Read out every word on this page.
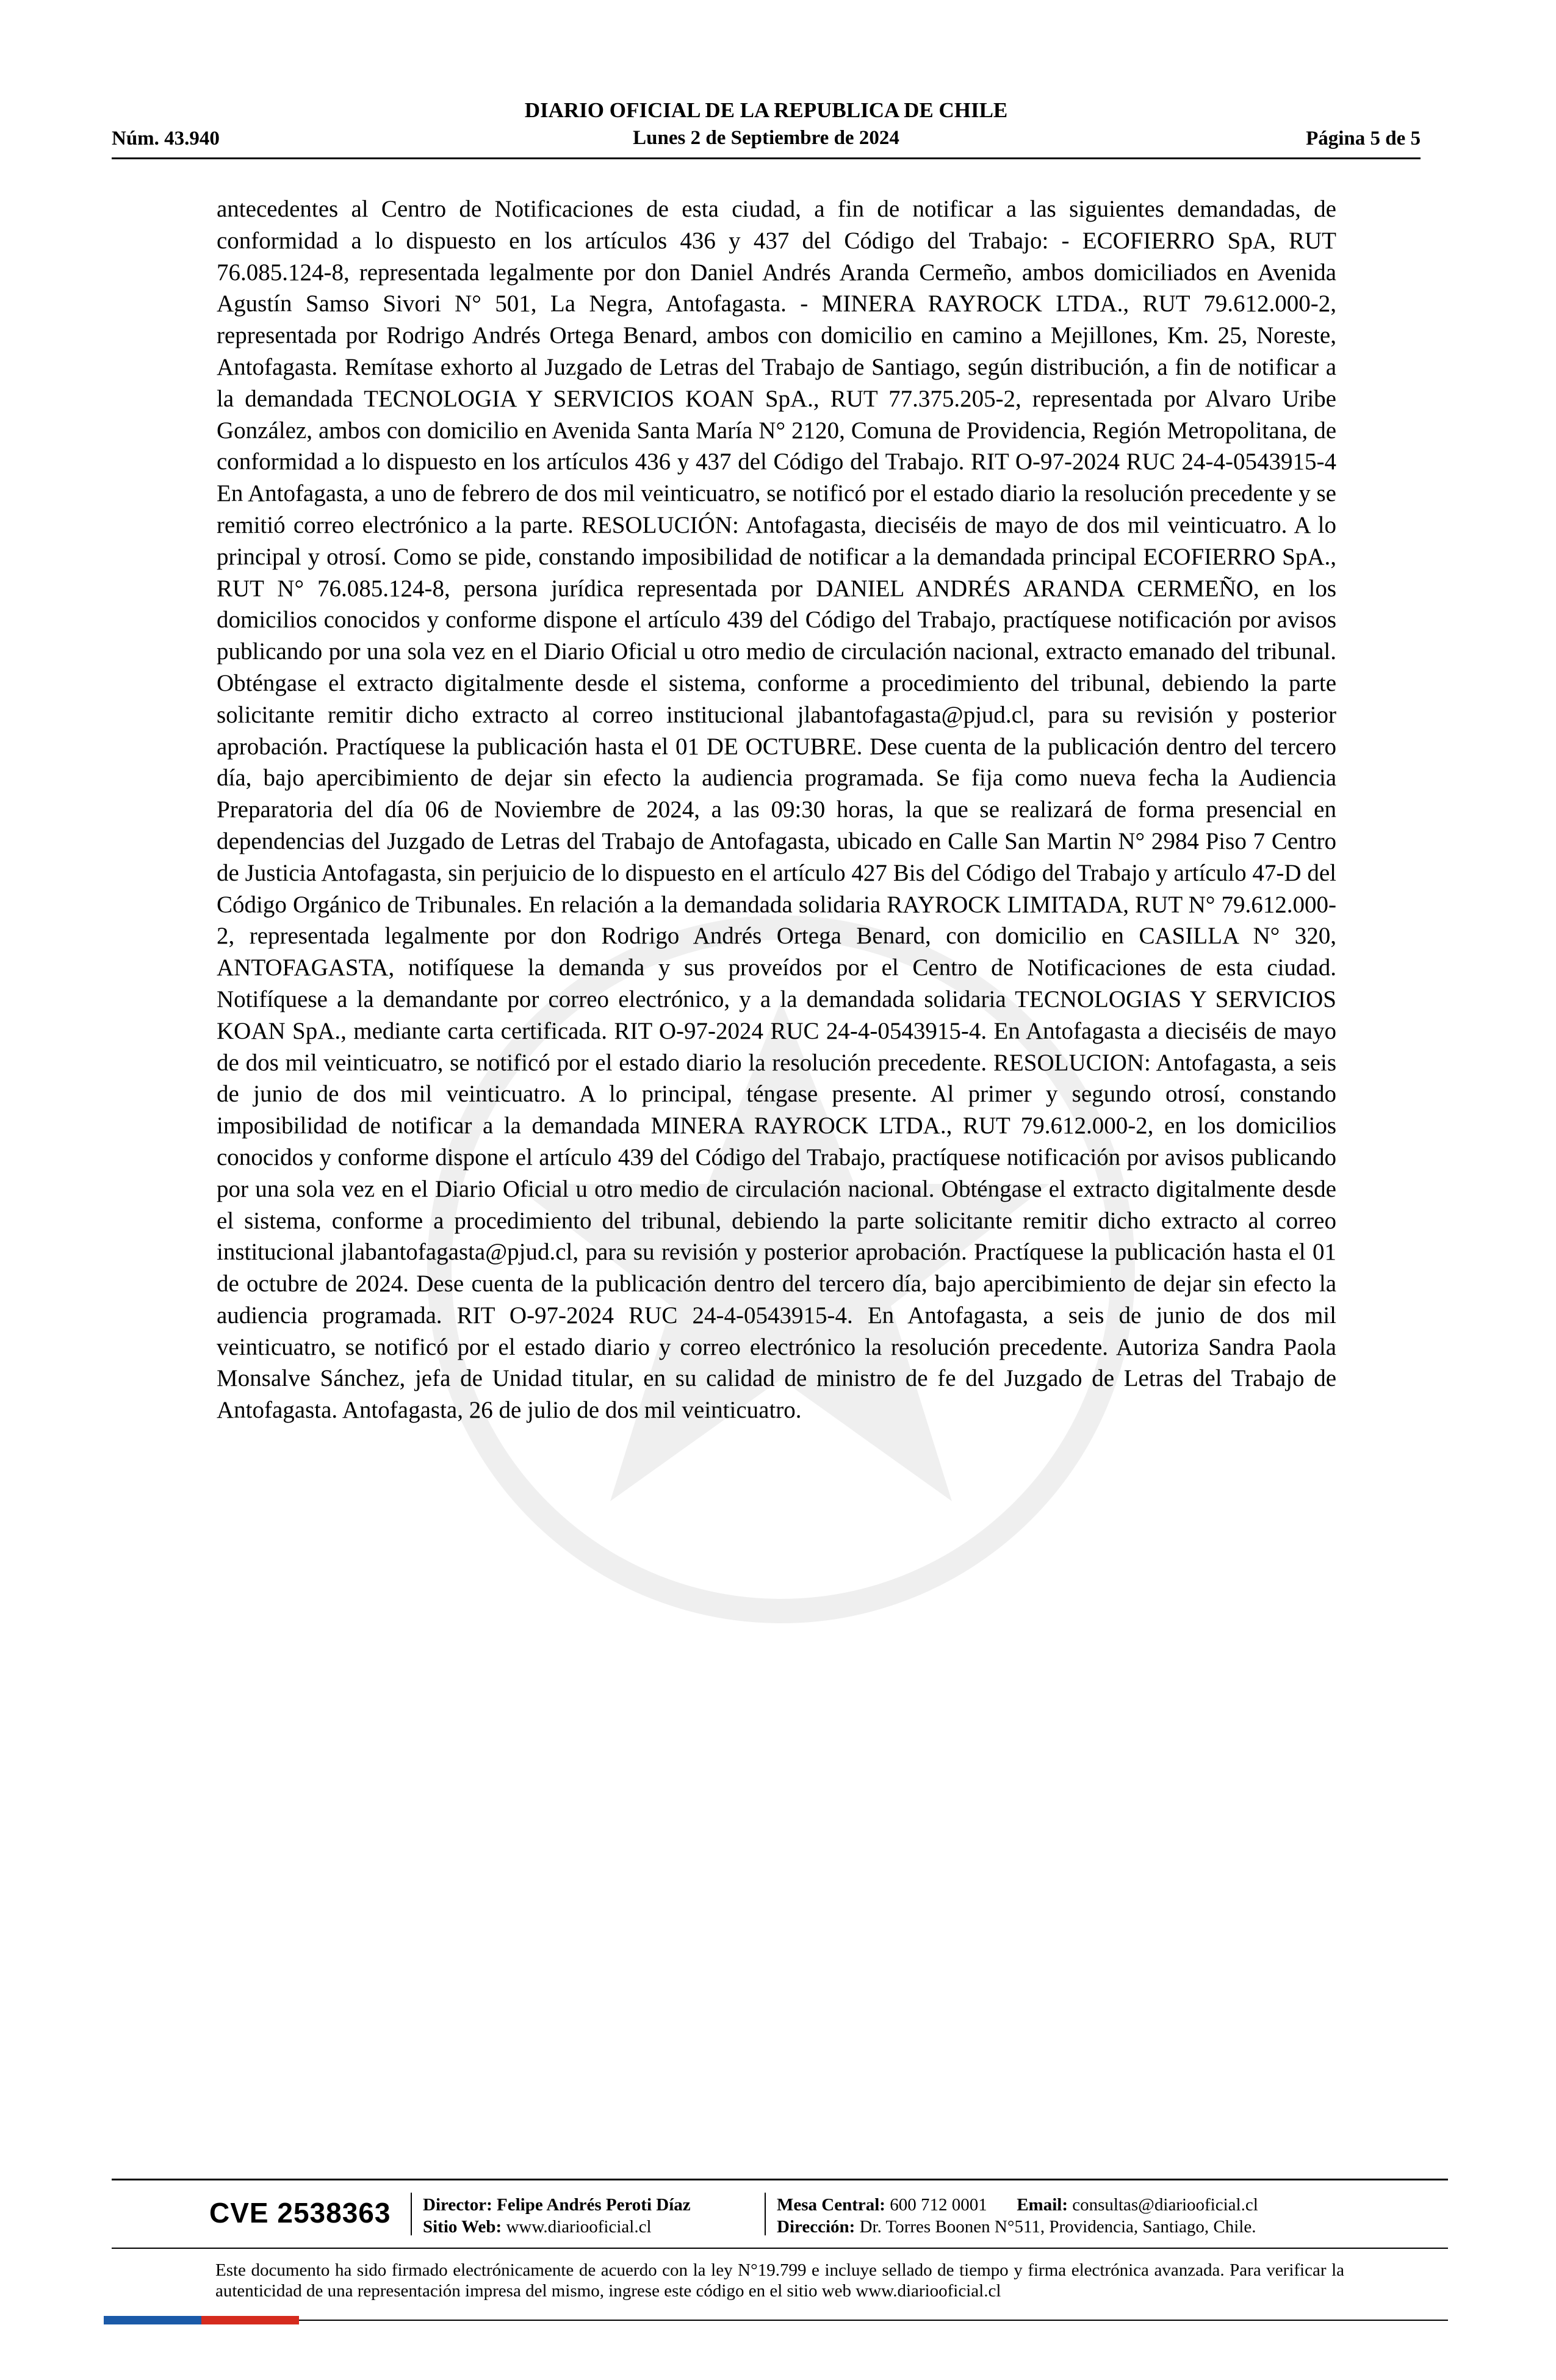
Núm. 43.940
DIARIO OFICIAL DE LA REPUBLICA DE CHILE
Lunes 2 de Septiembre de 2024	Página 5 de 5

antecedentes al Centro de Notificaciones de esta ciudad, a fin de notificar a las siguientes demandadas, de conformidad a lo dispuesto en los artículos 436 y 437 del Código del Trabajo: - ECOFIERRO SpA, RUT 76.085.124-8, representada legalmente por don Daniel Andrés Aranda Cermeño, ambos domiciliados en Avenida Agustín Samso Sivori N° 501, La Negra, Antofagasta. - MINERA RAYROCK LTDA., RUT 79.612.000-2, representada por Rodrigo Andrés Ortega Benard, ambos con domicilio en camino a Mejillones, Km. 25, Noreste, Antofagasta. Remítase exhorto al Juzgado de Letras del Trabajo de Santiago, según distribución, a fin de notificar a la demandada TECNOLOGIA Y SERVICIOS KOAN SpA., RUT 77.375.205-2, representada por Alvaro Uribe González, ambos con domicilio en Avenida Santa María N° 2120, Comuna de Providencia, Región Metropolitana, de conformidad a lo dispuesto en los artículos 436 y 437 del Código del Trabajo. RIT O-97-2024 RUC 24-4-0543915-4 En Antofagasta, a uno de febrero de dos mil veinticuatro, se notificó por el estado diario la resolución precedente y se remitió correo electrónico a la parte. RESOLUCIÓN: Antofagasta, dieciséis de mayo de dos mil veinticuatro. A lo principal y otrosí. Como se pide, constando imposibilidad de notificar a la demandada principal ECOFIERRO SpA., RUT N° 76.085.124-8, persona jurídica representada por DANIEL ANDRÉS ARANDA CERMEÑO, en los domicilios conocidos y conforme dispone el artículo 439 del Código del Trabajo, practíquese notificación por avisos publicando por una sola vez en el Diario Oficial u otro medio de circulación nacional, extracto emanado del tribunal. Obténgase el extracto digitalmente desde el sistema, conforme a procedimiento del tribunal, debiendo la parte solicitante remitir dicho extracto al correo institucional jlabantofagasta@pjud.cl, para su revisión y posterior aprobación. Practíquese la publicación hasta el 01 DE OCTUBRE. Dese cuenta de la publicación dentro del tercero día, bajo apercibimiento de dejar sin efecto la audiencia programada. Se fija como nueva fecha la Audiencia Preparatoria del día 06 de Noviembre de 2024, a las 09:30 horas, la que se realizará de forma presencial en dependencias del Juzgado de Letras del Trabajo de Antofagasta, ubicado en Calle San Martin N° 2984 Piso 7 Centro de Justicia Antofagasta, sin perjuicio de lo dispuesto en el artículo 427 Bis del Código del Trabajo y artículo 47-D del Código Orgánico de Tribunales. En relación a la demandada solidaria RAYROCK LIMITADA, RUT N° 79.612.000-2, representada legalmente por don Rodrigo Andrés Ortega Benard, con domicilio en CASILLA N° 320, ANTOFAGASTA, notifíquese la demanda y sus proveídos por el Centro de Notificaciones de esta ciudad. Notifíquese a la demandante por correo electrónico, y a la demandada solidaria TECNOLOGIAS Y SERVICIOS KOAN SpA., mediante carta certificada. RIT O-97-2024 RUC 24-4-0543915-4. En Antofagasta a dieciséis de mayo de dos mil veinticuatro, se notificó por el estado diario la resolución precedente. RESOLUCION: Antofagasta, a seis de junio de dos mil veinticuatro. A lo principal, téngase presente. Al primer y segundo otrosí, constando imposibilidad de notificar a la demandada MINERA RAYROCK LTDA., RUT 79.612.000-2, en los domicilios conocidos y conforme dispone el artículo 439 del Código del Trabajo, practíquese notificación por avisos publicando por una sola vez en el Diario Oficial u otro medio de circulación nacional. Obténgase el extracto digitalmente desde el sistema, conforme a procedimiento del tribunal, debiendo la parte solicitante remitir dicho extracto al correo institucional jlabantofagasta@pjud.cl, para su revisión y posterior aprobación. Practíquese la publicación hasta el 01 de octubre de 2024. Dese cuenta de la publicación dentro del tercero día, bajo apercibimiento de dejar sin efecto la audiencia programada. RIT O-97-2024 RUC 24-4-0543915-4. En Antofagasta, a seis de junio de dos mil veinticuatro, se notificó por el estado diario y correo electrónico la resolución precedente. Autoriza Sandra Paola Monsalve Sánchez, jefa de Unidad titular, en su calidad de ministro de fe del Juzgado de Letras del Trabajo de Antofagasta. Antofagasta, 26 de julio de dos mil veinticuatro.

CVE 2538363 Director: Felipe Andrés Peroti Díaz
Sitio Web: www.diariooficial.cl
Mesa Central: 600 712 0001 Email: consultas@diariooficial.cl
Dirección: Dr. Torres Boonen N°511, Providencia, Santiago, Chile.

Este documento ha sido firmado electrónicamente de acuerdo con la ley N°19.799 e incluye sellado de tiempo y firma electrónica avanzada. Para verificar la autenticidad de una representación impresa del mismo, ingrese este código en el sitio web www.diariooficial.cl
